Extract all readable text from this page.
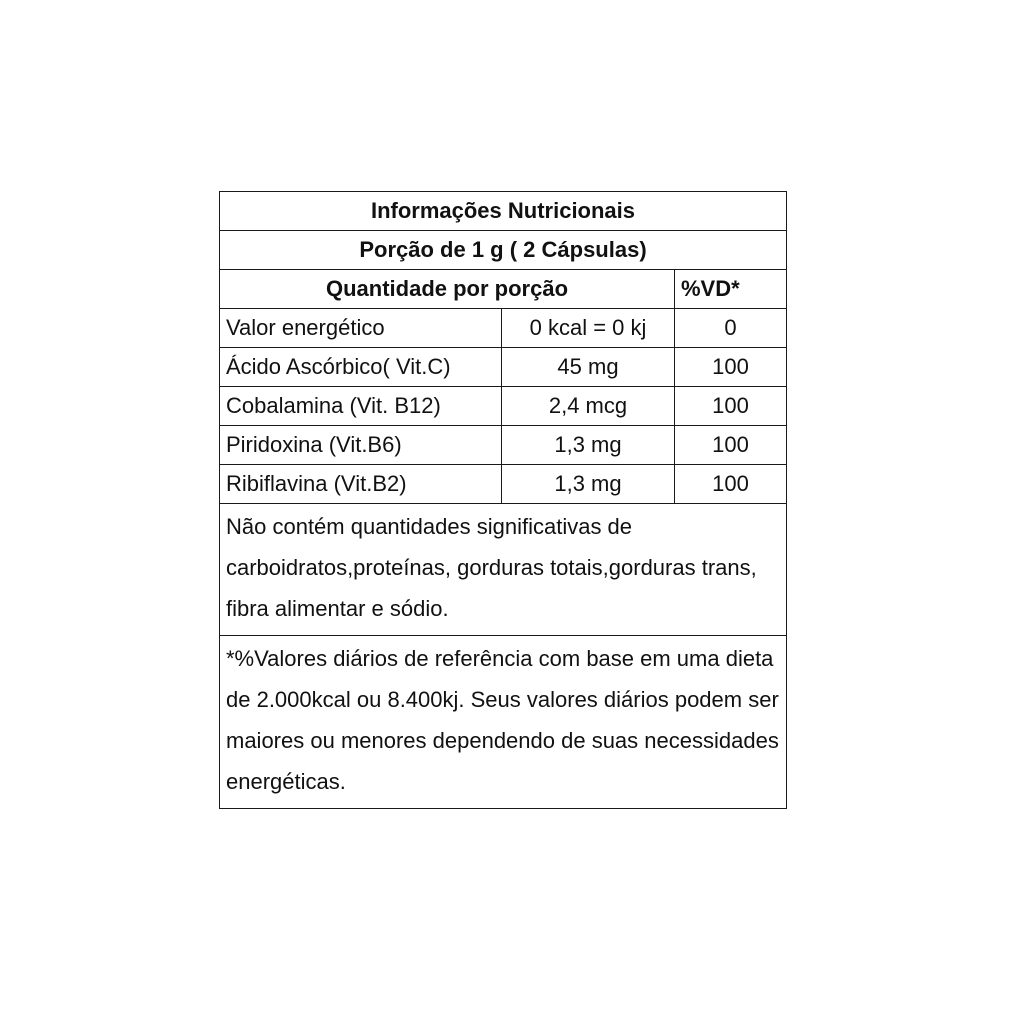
Informações Nutricionais		
Porção de 1 g ( 2 Cápsulas)		
Quantidade por porção		%VD*
Valor energético	0 kcal = 0 kj	0
Ácido Ascórbico( Vit.C)	45 mg	100
Cobalamina (Vit. B12)	2,4 mcg	100
Piridoxina (Vit.B6)	1,3 mg	100
Ribiflavina (Vit.B2)	1,3 mg	100
Não contém quantidades significativas de carboidratos,proteínas, gorduras totais,gorduras trans, fibra alimentar e sódio.		
*%Valores diários de referência com base em uma dieta de 2.000kcal ou 8.400kj. Seus valores diários podem ser maiores ou menores dependendo de suas necessidades energéticas.		
